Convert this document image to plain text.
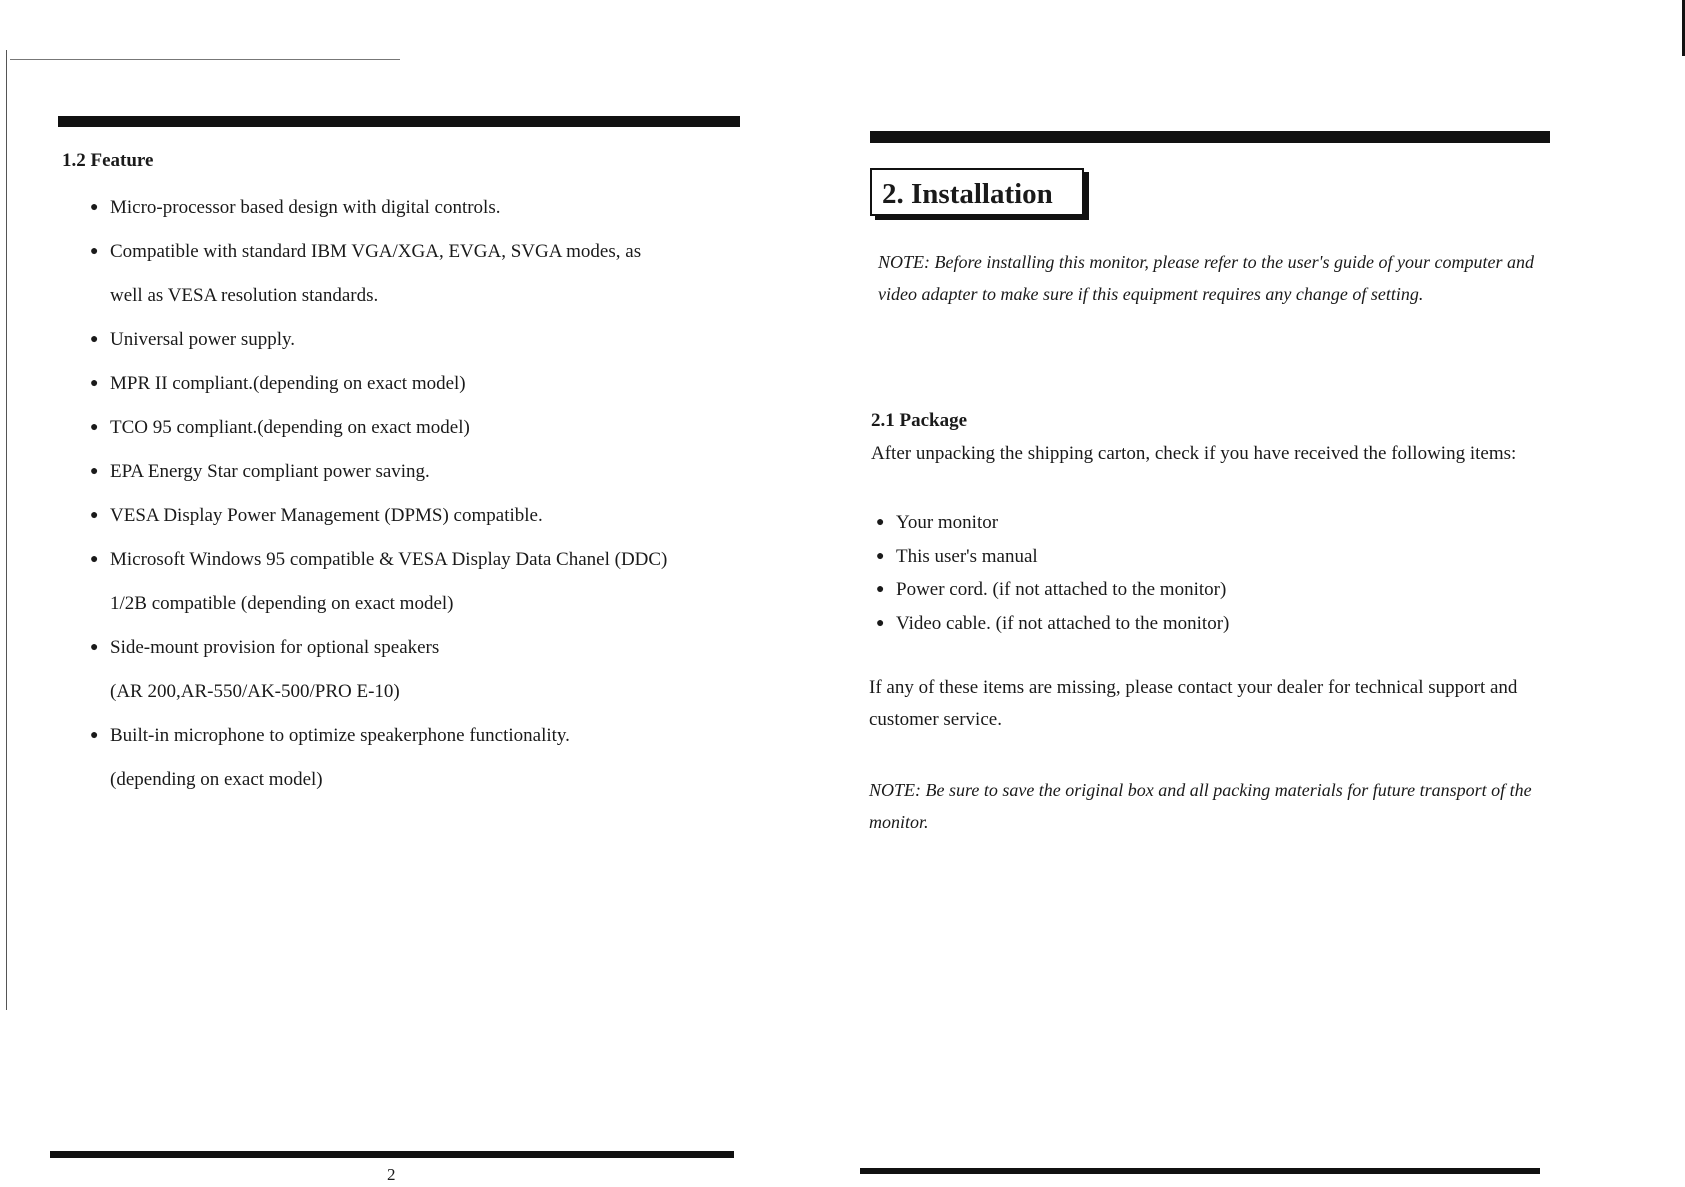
1.2 Feature
● Micro-processor based design with digital controls.
● Compatible with standard IBM VGA/XGA, EVGA, SVGA modes, as
well as VESA resolution standards.
● Universal power supply.
● MPR II compliant.(depending on exact model)
● TCO 95 compliant.(depending on exact model)
● EPA Energy Star compliant power saving.
● VESA Display Power Management (DPMS) compatible.
● Microsoft Windows 95 compatible & VESA Display Data Chanel (DDC)
1/2B compatible (depending on exact model)
● Side-mount provision for optional speakers
(AR 200,AR-550/AK-500/PRO E-10)
● Built-in microphone to optimize speakerphone functionality.
(depending on exact model)
2
2. Installation

NOTE: Before installing this monitor, please refer to the user's guide of your computer and video adapter to make sure if this equipment requires any change of setting.

2.1 Package

After unpacking the shipping carton, check if you have received the following items:

● Your monitor
● This user's manual
● Power cord. (if not attached to the monitor)
● Video cable. (if not attached to the monitor)

If any of these items are missing, please contact your dealer for technical support and customer service.

NOTE: Be sure to save the original box and all packing materials for future transport of the monitor.
